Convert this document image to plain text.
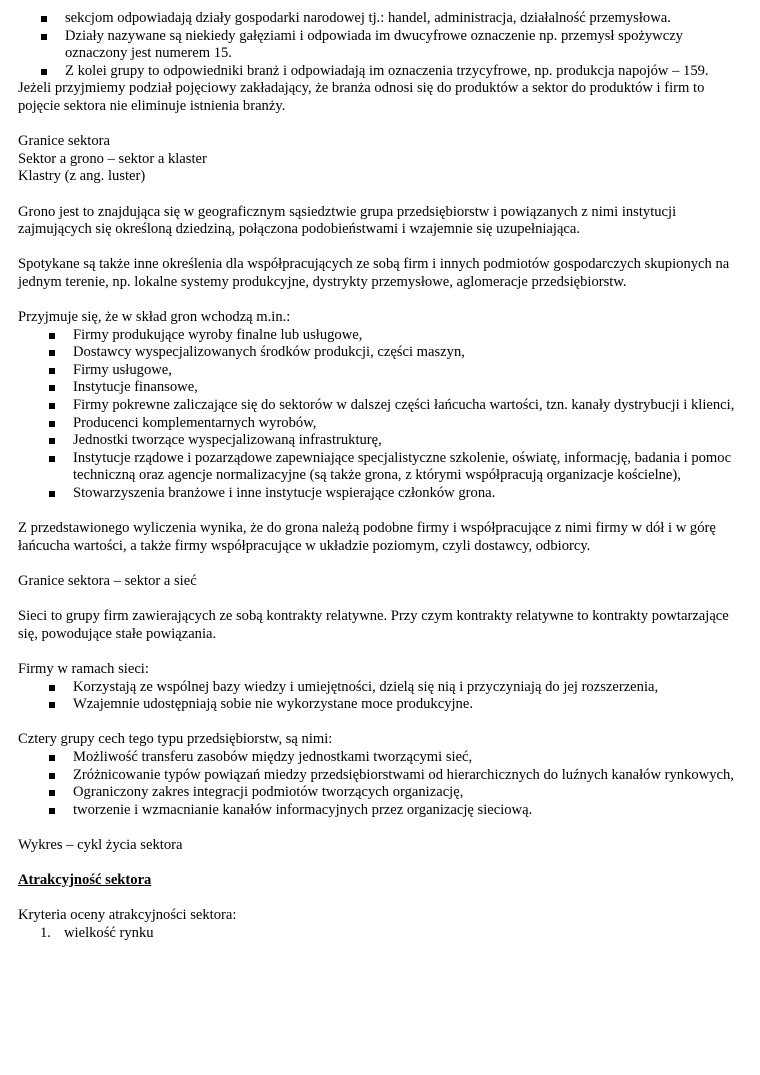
sekcjom odpowiadają działy gospodarki narodowej tj.: handel, administracja, działalność przemysłowa.
Działy nazywane są niekiedy gałęziami i odpowiada im dwucyfrowe oznaczenie np. przemysł spożywczy oznaczony jest numerem 15.
Z kolei grupy to odpowiedniki branż i odpowiadają im oznaczenia trzycyfrowe, np. produkcja napojów – 159.

Jeżeli przyjmiemy podział pojęciowy zakładający, że branża odnosi się do produktów a sektor do produktów i firm to pojęcie sektora nie eliminuje istnienia branży.

Granice sektora

Sektor a grono – sektor a klaster

Klastry (z ang. luster)

Grono jest to znajdująca się w geograficznym sąsiedztwie grupa przedsiębiorstw i powiązanych z nimi instytucji zajmujących się określoną dziedziną, połączona podobieństwami i wzajemnie się uzupełniająca.

Spotykane są także inne określenia dla współpracujących ze sobą firm i innych podmiotów gospodarczych skupionych na jednym terenie, np. lokalne systemy produkcyjne, dystrykty przemysłowe, aglomeracje przedsiębiorstw.

Przyjmuje się, że w skład gron wchodzą m.in.:

Firmy produkujące wyroby finalne lub usługowe,
Dostawcy wyspecjalizowanych środków produkcji, części maszyn,
Firmy usługowe,
Instytucje finansowe,
Firmy pokrewne zaliczające się do sektorów w dalszej części łańcucha wartości, tzn. kanały dystrybucji i klienci,
Producenci komplementarnych wyrobów,
Jednostki tworzące wyspecjalizowaną infrastrukturę,
Instytucje rządowe i pozarządowe zapewniające specjalistyczne szkolenie, oświatę, informację, badania i pomoc techniczną oraz agencje normalizacyjne (są także grona, z którymi współpracują organizacje kościelne),
Stowarzyszenia branżowe i inne instytucje wspierające członków grona.

Z przedstawionego wyliczenia wynika, że do grona należą podobne firmy i współpracujące z nimi firmy w dół i w górę łańcucha wartości, a także firmy współpracujące w układzie poziomym, czyli dostawcy, odbiorcy.

Granice sektora – sektor a sieć

Sieci to grupy firm zawierających ze sobą kontrakty relatywne. Przy czym kontrakty relatywne to kontrakty powtarzające się, powodujące stałe powiązania.

Firmy w ramach sieci:

Korzystają ze wspólnej bazy wiedzy i umiejętności, dzielą się nią i przyczyniają do jej rozszerzenia,
Wzajemnie udostępniają sobie nie wykorzystane moce produkcyjne.

Cztery grupy cech tego typu przedsiębiorstw, są nimi:

Możliwość transferu zasobów między jednostkami tworzącymi sieć,
Zróżnicowanie typów powiązań miedzy przedsiębiorstwami od hierarchicznych do luźnych kanałów rynkowych,
Ograniczony zakres integracji podmiotów tworzących organizację,
tworzenie i wzmacnianie kanałów informacyjnych przez organizację sieciową.

Wykres – cykl życia sektora

Atrakcyjność sektora

Kryteria oceny atrakcyjności sektora:

1. wielkość rynku
